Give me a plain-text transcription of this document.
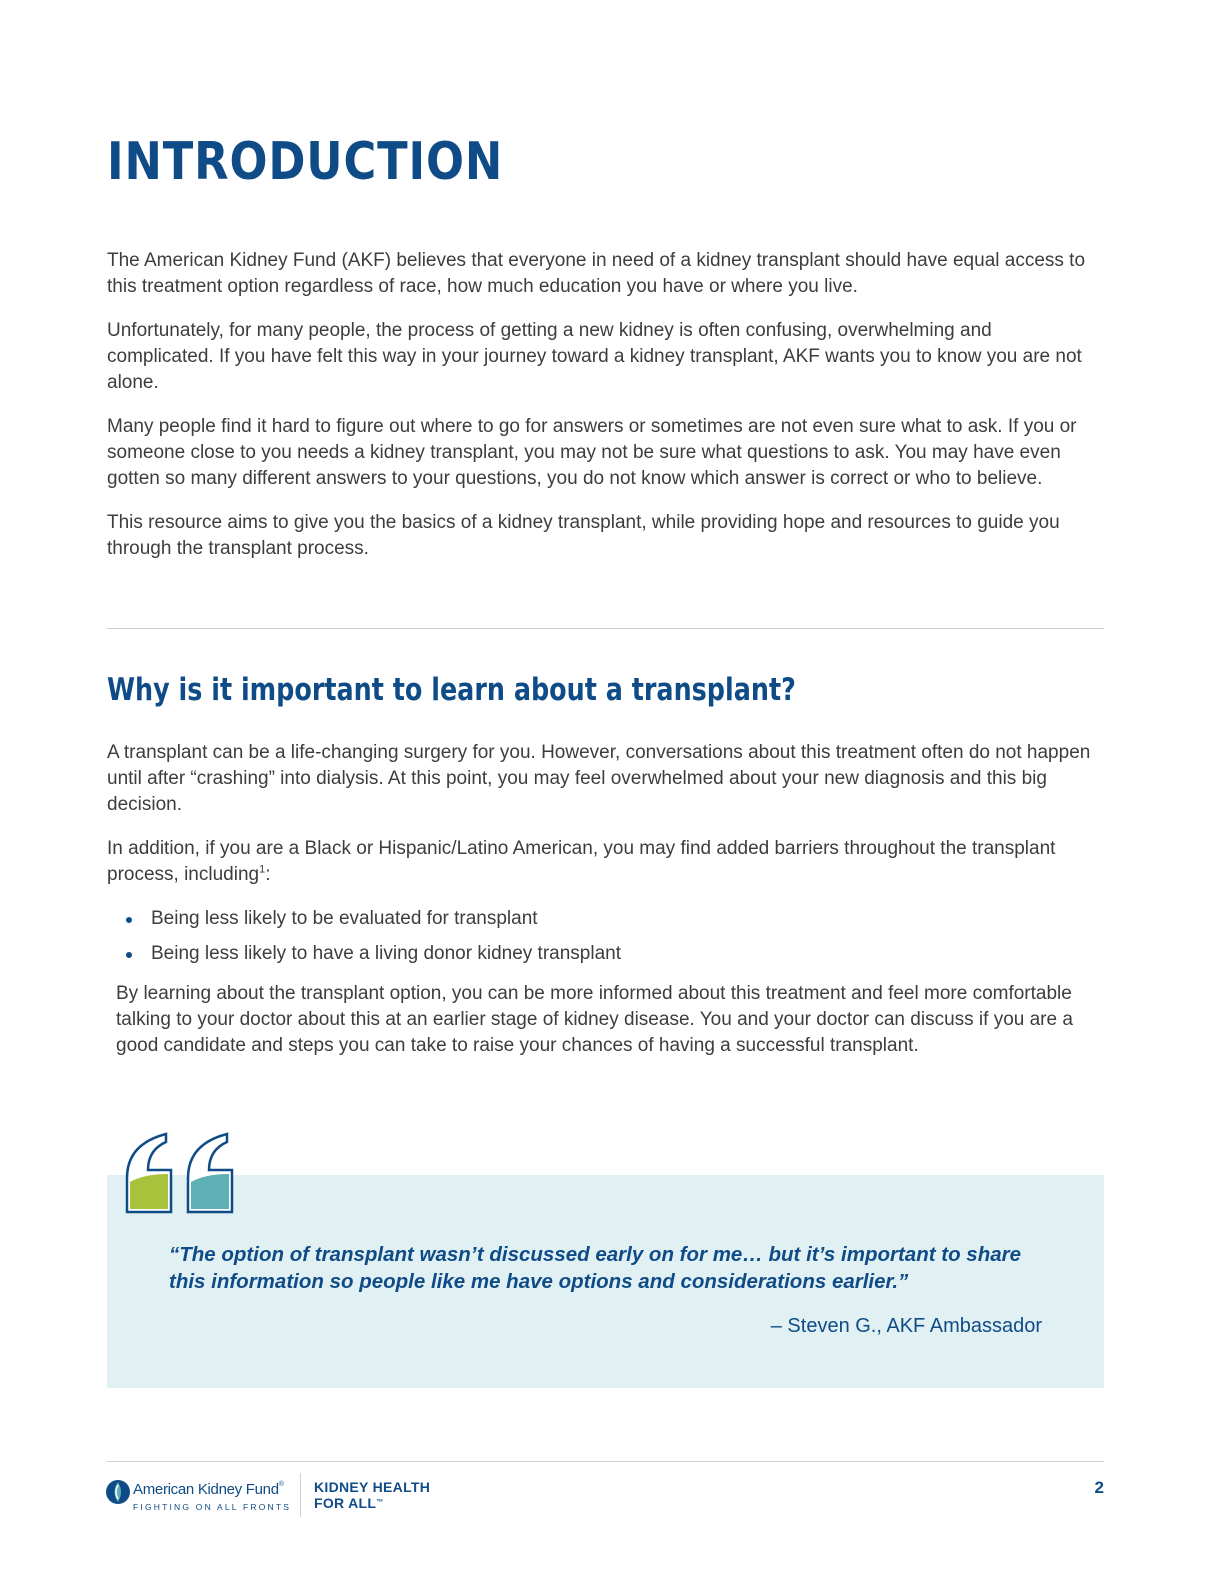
INTRODUCTION

The American Kidney Fund (AKF) believes that everyone in need of a kidney transplant should have equal access to this treatment option regardless of race, how much education you have or where you live.

Unfortunately, for many people, the process of getting a new kidney is often confusing, overwhelming and complicated. If you have felt this way in your journey toward a kidney transplant, AKF wants you to know you are not alone.

Many people find it hard to figure out where to go for answers or sometimes are not even sure what to ask. If you or someone close to you needs a kidney transplant, you may not be sure what questions to ask. You may have even gotten so many different answers to your questions, you do not know which answer is correct or who to believe.

This resource aims to give you the basics of a kidney transplant, while providing hope and resources to guide you through the transplant process.

Why is it important to learn about a transplant?

A transplant can be a life-changing surgery for you. However, conversations about this treatment often do not happen until after “crashing” into dialysis. At this point, you may feel overwhelmed about your new diagnosis and this big decision.

In addition, if you are a Black or Hispanic/Latino American, you may find added barriers throughout the transplant process, including$^1$:

Being less likely to be evaluated for transplant
Being less likely to have a living donor kidney transplant

By learning about the transplant option, you can be more informed about this treatment and feel more comfortable talking to your doctor about this at an earlier stage of kidney disease. You and your doctor can discuss if you are a good candidate and steps you can take to raise your chances of having a successful transplant.

“The option of transplant wasn’t discussed early on for me… but it’s important to share this information so people like me have options and considerations earlier.”

– Steven G., AKF Ambassador
American Kidney Fund®
FIGHTING ON ALL FRONTS
KIDNEY HEALTH
FOR ALL™
2
